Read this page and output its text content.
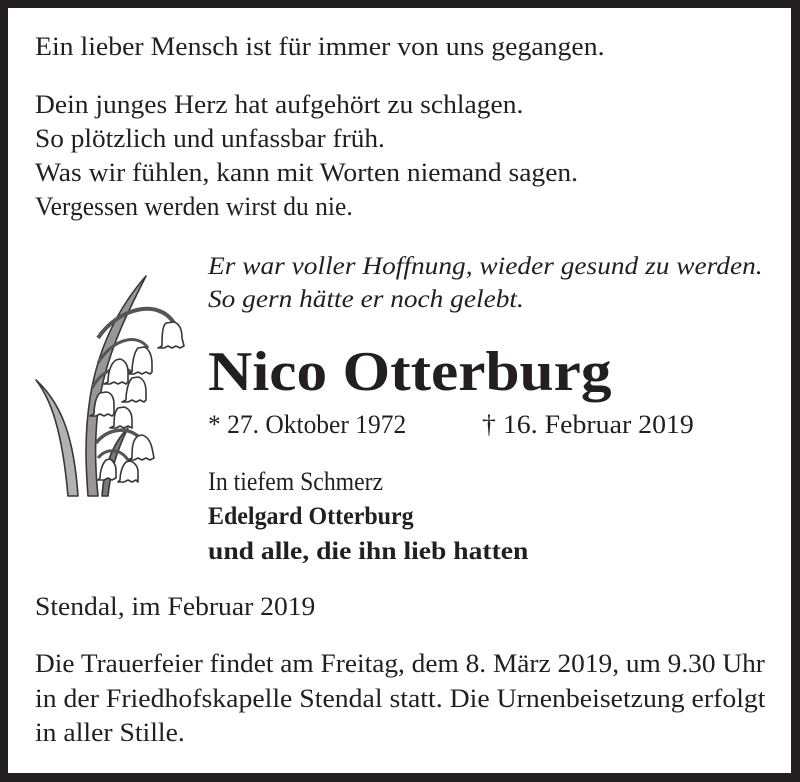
Ein lieber Mensch ist für immer von uns gegangen.
Dein junges Herz hat aufgehört zu schlagen.
So plötzlich und unfassbar früh.
Was wir fühlen, kann mit Worten niemand sagen.
Vergessen werden wirst du nie.
Er war voller Hoffnung, wieder gesund zu werden.
So gern hätte er noch gelebt.
Nico Otterburg
* 27. Oktober 1972	† 16. Februar 2019
In tiefem Schmerz
Edelgard Otterburg
und alle, die ihn lieb hatten
Stendal, im Februar 2019
Die Trauerfeier findet am Freitag, dem 8. März 2019, um 9.30 Uhr
in der Friedhofskapelle Stendal statt. Die Urnenbeisetzung erfolgt
in aller Stille.
